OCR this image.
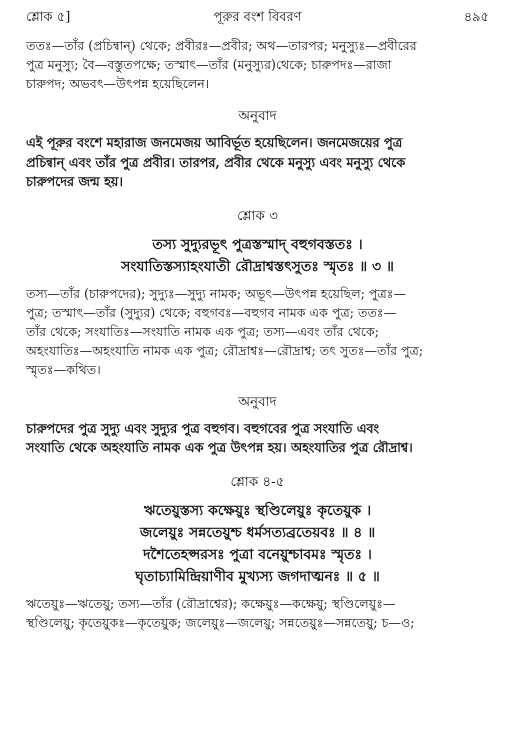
শ্লোক ৫]	পূরুর বংশ বিবরণ	৪৯৫

ততঃ—তাঁর (প্রচিন্বান্) থেকে; প্রবীরঃ—প্রবীর; অথ—তারপর; মনুস্যুঃ—প্রবীরের

পুত্র মনুস্যু; বৈ—বস্তুতপক্ষে; তস্মাৎ—তাঁর (মনুস্যুর)থেকে; চারুপদঃ—রাজা

চারুপদ; অভবৎ—উৎপন্ন হয়েছিলেন।

অনুবাদ

এই পূরুর বংশে মহারাজ জনমেজয় আবির্ভূত হয়েছিলেন। জনমেজয়ের পুত্র

প্রচিন্বান্ এবং তাঁর পুত্র প্রবীর। তারপর, প্রবীর থেকে মনুস্যু এবং মনুস্যু থেকে

চারুপদের জন্ম হয়।

শ্লোক ৩
তস্য সুদ্যুরভূৎ পুত্রস্তস্মাদ্ বহুগবস্ততঃ ।
সংযাতিস্তস্যাহংযাতী রৌদ্রাশ্বস্তৎসুতঃ স্মৃতঃ ॥ ৩ ॥

তস্য—তাঁর (চারুপদের); সুদ্যুঃ—সুদ্যু নামক; অভূৎ—উৎপন্ন হয়েছিল; পুত্রঃ—

পুত্র; তস্মাৎ—তাঁর (সুদ্যুর) থেকে; বহুগবঃ—বহুগব নামক এক পুত্র; ততঃ—

তাঁর থেকে; সংযাতিঃ—সংযাতি নামক এক পুত্র; তস্য—এবং তাঁর থেকে;

অহংযাতিঃ—অহংযাতি নামক এক পুত্র; রৌদ্রাশ্বঃ—রৌদ্রাশ্ব; তৎ সুতঃ—তাঁর পুত্র;

স্মৃতঃ—কথিত।

অনুবাদ

চারুপদের পুত্র সুদ্যু এবং সুদ্যুর পুত্র বহুগব। বহুগবের পুত্র সংযাতি এবং

সংযাতি থেকে অহংযাতি নামক এক পুত্র উৎপন্ন হয়। অহংযাতির পুত্র রৌদ্রাশ্ব।

শ্লোক ৪-৫
ঋতেয়ুস্তস্য কক্ষেয়ুঃ স্থণ্ডিলেয়ুঃ কৃতেয়ুক ।
জলেয়ুঃ সন্নতেয়ুশ্চ ধর্মসত্যব্রতেয়বঃ ॥ ৪ ॥
দশৈতেহপ্সরসঃ পুত্রা বনেয়ুশ্চাবমঃ স্মৃতঃ ।
ঘৃতাচ্যামিন্দ্রিয়াণীব মুখ্যস্য জগদাত্মনঃ ॥ ৫ ॥

ঋতেয়ুঃ—ঋতেয়ু; তস্য—তাঁর (রৌদ্রাশ্বের); কক্ষেয়ুঃ—কক্ষেয়ু; স্থণ্ডিলেয়ুঃ—

স্থণ্ডিলেয়ু; কৃতেয়ুকঃ—কৃতেয়ুক; জলেয়ুঃ—জলেয়ু; সন্নতেয়ুঃ—সন্নতেয়ু; চ—ও;
